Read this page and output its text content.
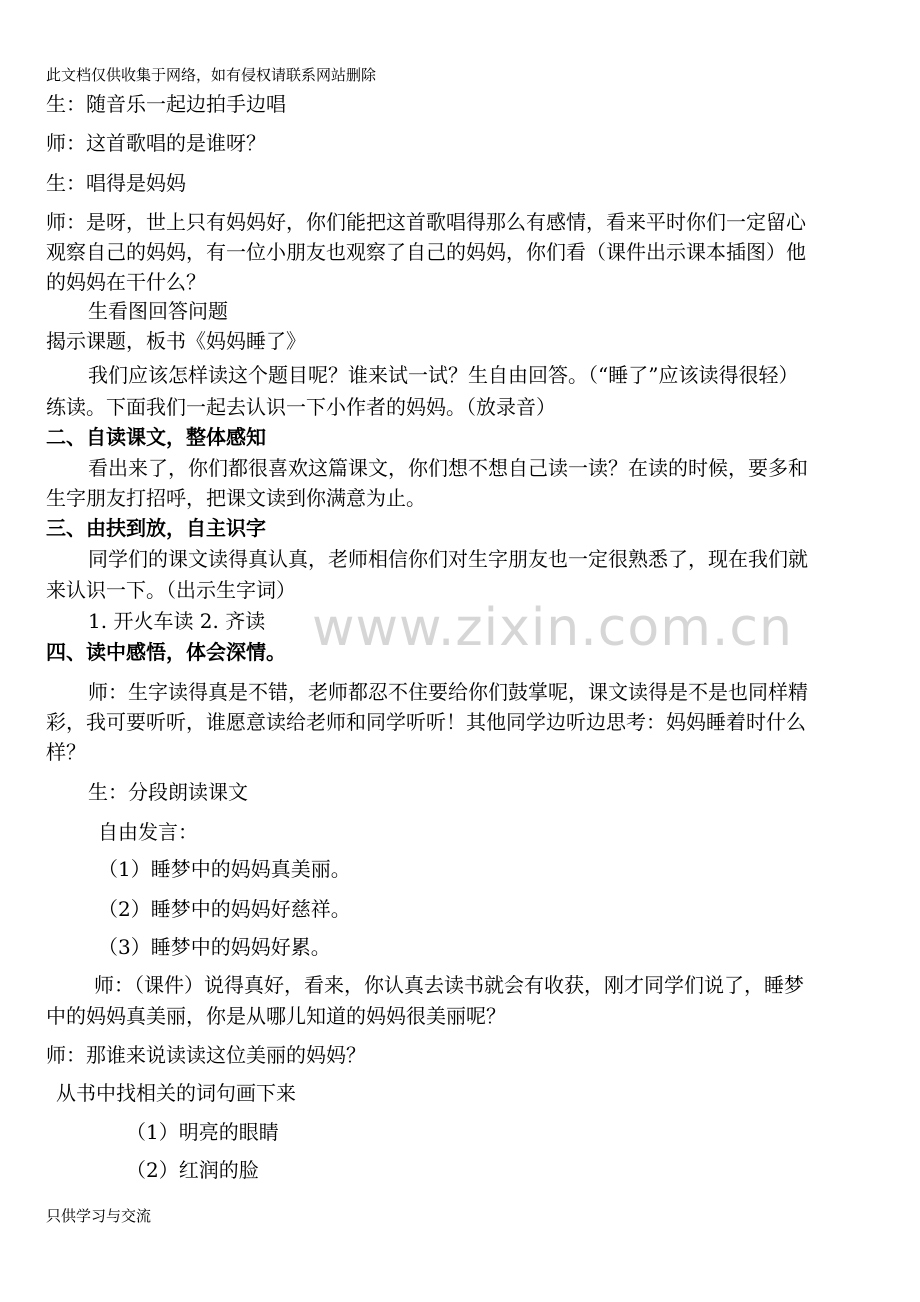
此文档仅供收集于网络，如有侵权请联系网站删除
生：随音乐一起边拍手边唱
师：这首歌唱的是谁呀？
生：唱得是妈妈
师：是呀，世上只有妈妈好，你们能把这首歌唱得那么有感情，看来平时你们一定留心
观察自己的妈妈，有一位小朋友也观察了自己的妈妈，你们看（课件出示课本插图）他
的妈妈在干什么？
生看图回答问题
揭示课题，板书《妈妈睡了》
我们应该怎样读这个题目呢？谁来试一试？生自由回答。（“睡了”应该读得很轻）
练读。下面我们一起去认识一下小作者的妈妈。（放录音）
二、自读课文，整体感知
看出来了，你们都很喜欢这篇课文，你们想不想自己读一读？在读的时候，要多和
生字朋友打招呼，把课文读到你满意为止。
三、由扶到放，自主识字
同学们的课文读得真认真，老师相信你们对生字朋友也一定很熟悉了，现在我们就
来认识一下。（出示生字词）
1. 开火车读 2. 齐读
四、读中感悟，体会深情。
师：生字读得真是不错，老师都忍不住要给你们鼓掌呢，课文读得是不是也同样精
彩，我可要听听，谁愿意读给老师和同学听听！其他同学边听边思考：妈妈睡着时什么
样？
生：分段朗读课文
自由发言：
（1）睡梦中的妈妈真美丽。
（2）睡梦中的妈妈好慈祥。
（3）睡梦中的妈妈好累。
师：（课件）说得真好，看来，你认真去读书就会有收获，刚才同学们说了，睡梦
中的妈妈真美丽，你是从哪儿知道的妈妈很美丽呢？
师：那谁来说读读这位美丽的妈妈？
从书中找相关的词句画下来
（1）明亮的眼睛
（2）红润的脸
只供学习与交流
www.zixin.com.cn
